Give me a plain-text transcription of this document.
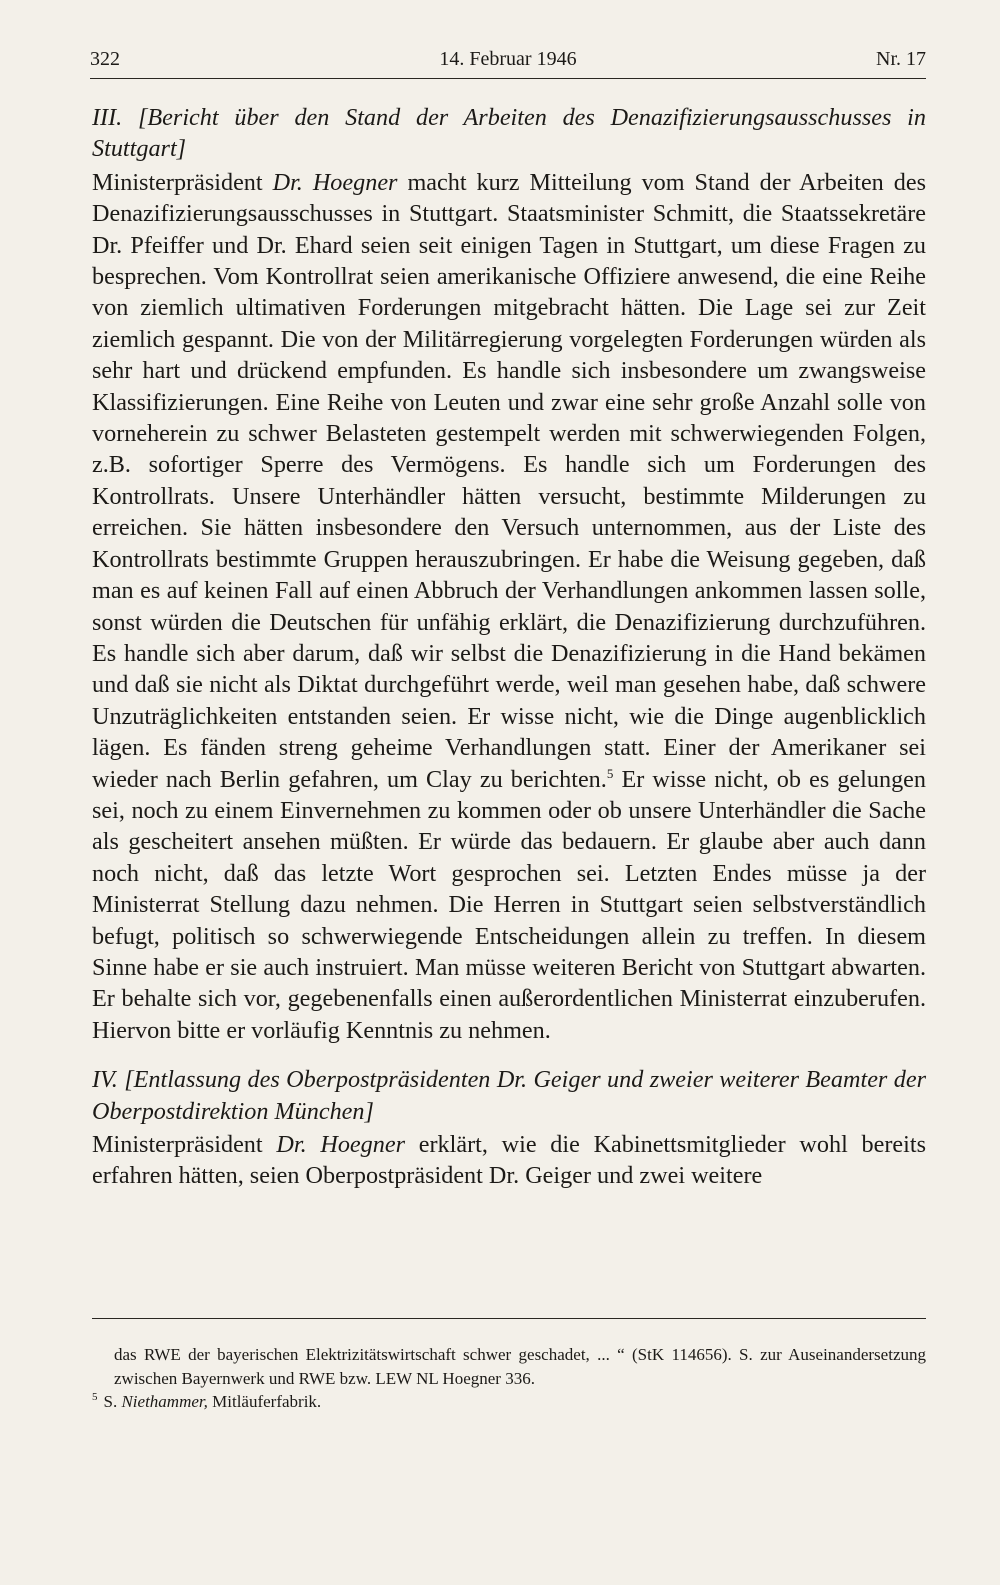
322	14. Februar 1946	Nr. 17

III. [Bericht über den Stand der Arbeiten des Denazifizierungsausschusses in Stuttgart]

Ministerpräsident Dr. Hoegner macht kurz Mitteilung vom Stand der Arbeiten des Denazifizierungsausschusses in Stuttgart. Staatsminister Schmitt, die Staatssekretäre Dr. Pfeiffer und Dr. Ehard seien seit einigen Tagen in Stuttgart, um diese Fragen zu besprechen. Vom Kontrollrat seien amerikanische Offiziere anwesend, die eine Reihe von ziemlich ultimativen Forderungen mitgebracht hätten. Die Lage sei zur Zeit ziemlich gespannt. Die von der Militärregierung vorgelegten Forderungen würden als sehr hart und drückend empfunden. Es handle sich insbesondere um zwangsweise Klassifizierungen. Eine Reihe von Leuten und zwar eine sehr große Anzahl solle von vorneherein zu schwer Belasteten gestempelt werden mit schwerwiegenden Folgen, z.B. sofortiger Sperre des Vermögens. Es handle sich um Forderungen des Kontrollrats. Unsere Unterhändler hätten versucht, bestimmte Milderungen zu erreichen. Sie hätten insbesondere den Versuch unternommen, aus der Liste des Kontrollrats bestimmte Gruppen herauszubringen. Er habe die Weisung gegeben, daß man es auf keinen Fall auf einen Abbruch der Verhandlungen ankommen lassen solle, sonst würden die Deutschen für unfähig erklärt, die Denazifizierung durchzuführen. Es handle sich aber darum, daß wir selbst die Denazifizierung in die Hand bekämen und daß sie nicht als Diktat durchgeführt werde, weil man gesehen habe, daß schwere Unzuträglichkeiten entstanden seien. Er wisse nicht, wie die Dinge augenblicklich lägen. Es fänden streng geheime Verhandlungen statt. Einer der Amerikaner sei wieder nach Berlin gefahren, um Clay zu berichten.$^5$ Er wisse nicht, ob es gelungen sei, noch zu einem Einvernehmen zu kommen oder ob unsere Unterhändler die Sache als gescheitert ansehen müßten. Er würde das bedauern. Er glaube aber auch dann noch nicht, daß das letzte Wort gesprochen sei. Letzten Endes müsse ja der Ministerrat Stellung dazu nehmen. Die Herren in Stuttgart seien selbstverständlich befugt, politisch so schwerwiegende Entscheidungen allein zu treffen. In diesem Sinne habe er sie auch instruiert. Man müsse weiteren Bericht von Stuttgart abwarten. Er behalte sich vor, gegebenenfalls einen außerordentlichen Ministerrat einzuberufen. Hiervon bitte er vorläufig Kenntnis zu nehmen.

IV. [Entlassung des Oberpostpräsidenten Dr. Geiger und zweier weiterer Beamter der Oberpostdirektion München]

Ministerpräsident Dr. Hoegner erklärt, wie die Kabinettsmitglieder wohl bereits erfahren hätten, seien Oberpostpräsident Dr. Geiger und zwei weitere

das RWE der bayerischen Elektrizitätswirtschaft schwer geschadet, ... “ (StK 114656). S. zur Auseinandersetzung zwischen Bayernwerk und RWE bzw. LEW NL Hoegner 336.

$^5$ S. Niethammer, Mitläuferfabrik.
